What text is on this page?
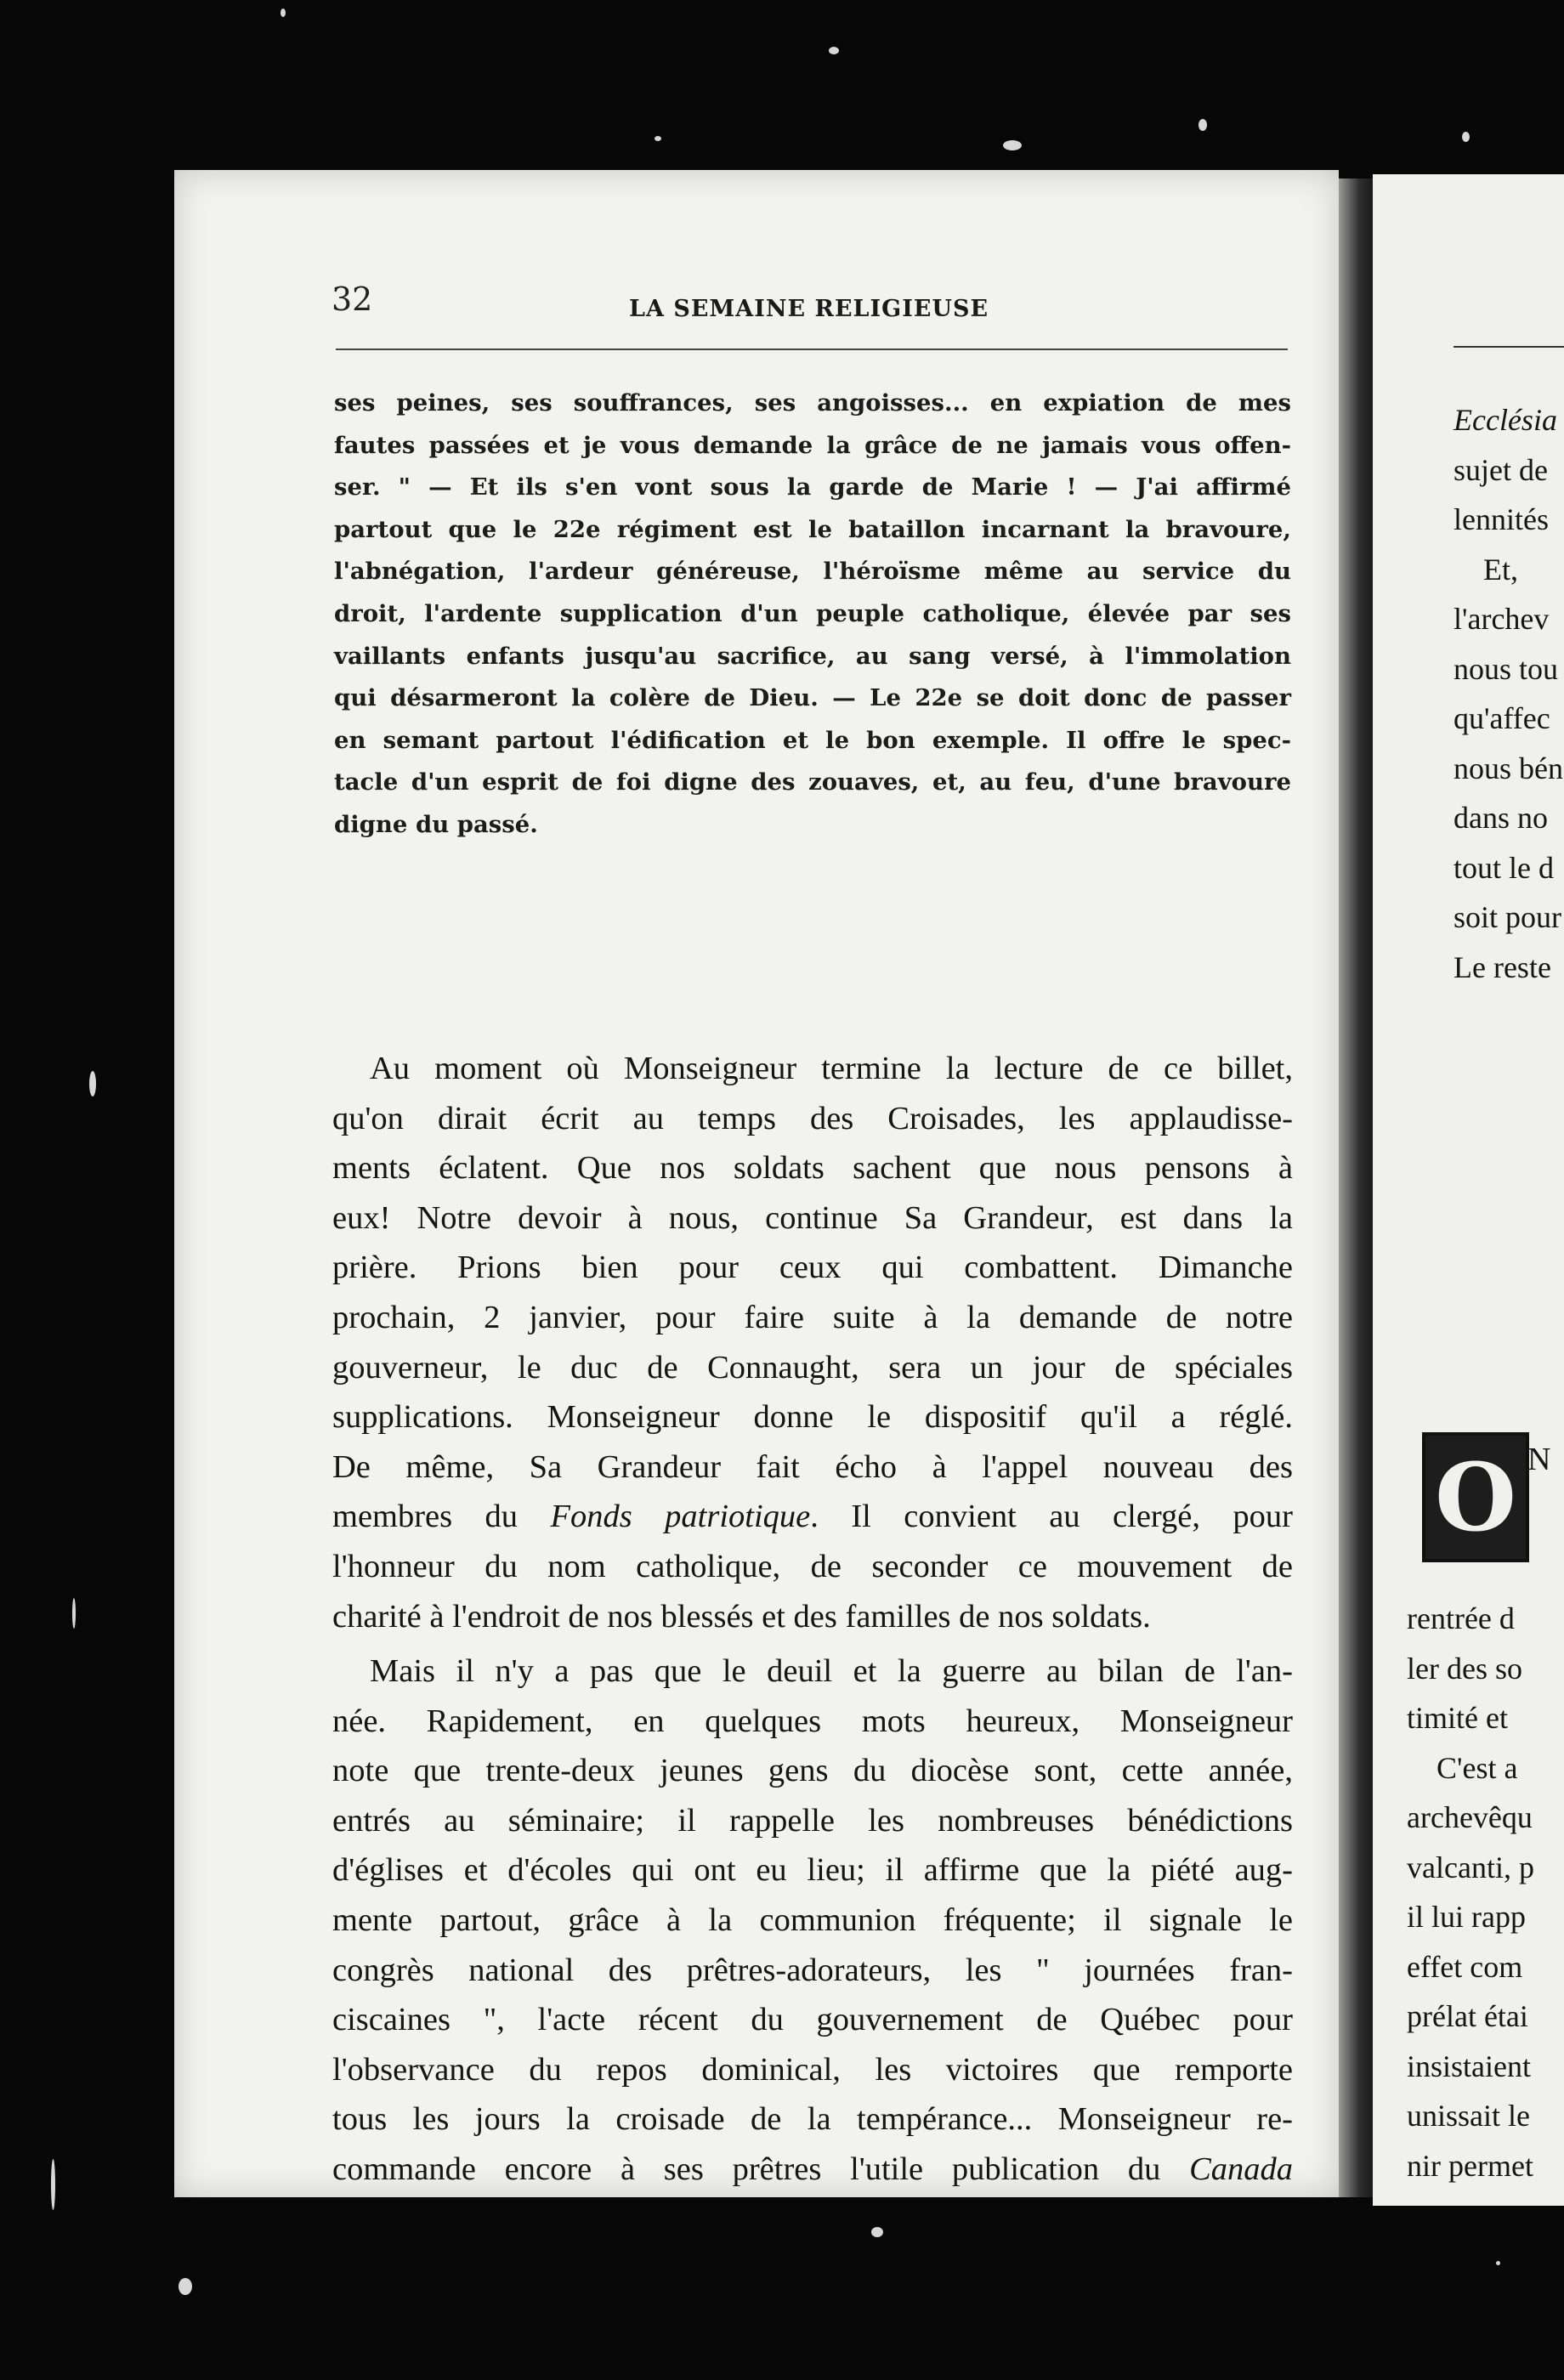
32	LA SEMAINE RELIGIEUSE
ses peines, ses souffrances, ses angoisses... en expiation de mes
fautes passées et je vous demande la grâce de ne jamais vous offen-
ser. " — Et ils s'en vont sous la garde de Marie ! — J'ai affirmé
partout que le 22e régiment est le bataillon incarnant la bravoure,
l'abnégation, l'ardeur généreuse, l'héroïsme même au service du
droit, l'ardente supplication d'un peuple catholique, élevée par ses
vaillants enfants jusqu'au sacrifice, au sang versé, à l'immolation
qui désarmeront la colère de Dieu. — Le 22e se doit donc de passer
en semant partout l'édification et le bon exemple. Il offre le spec-
tacle d'un esprit de foi digne des zouaves, et, au feu, d'une bravoure
digne du passé.
Au moment où Monseigneur termine la lecture de ce billet,
qu'on dirait écrit au temps des Croisades, les applaudisse-
ments éclatent. Que nos soldats sachent que nous pensons à
eux! Notre devoir à nous, continue Sa Grandeur, est dans la
prière. Prions bien pour ceux qui combattent. Dimanche
prochain, 2 janvier, pour faire suite à la demande de notre
gouverneur, le duc de Connaught, sera un jour de spéciales
supplications. Monseigneur donne le dispositif qu'il a réglé.
De même, Sa Grandeur fait écho à l'appel nouveau des
membres du Fonds patriotique. Il convient au clergé, pour
l'honneur du nom catholique, de seconder ce mouvement de
charité à l'endroit de nos blessés et des familles de nos soldats.
Mais il n'y a pas que le deuil et la guerre au bilan de l'an-
née. Rapidement, en quelques mots heureux, Monseigneur
note que trente-deux jeunes gens du diocèse sont, cette année,
entrés au séminaire; il rappelle les nombreuses bénédictions
d'églises et d'écoles qui ont eu lieu; il affirme que la piété aug-
mente partout, grâce à la communion fréquente; il signale le
congrès national des prêtres-adorateurs, les " journées fran-
ciscaines ", l'acte récent du gouvernement de Québec pour
l'observance du repos dominical, les victoires que remporte
tous les jours la croisade de la tempérance... Monseigneur re-
commande encore à ses prêtres l'utile publication du Canada
Ecclésia
sujet de
lennités
Et,
l'archev
nous tou
qu'affec
nous bén
dans no
tout le d
soit pour
Le reste
O N
rentrée d
ler des so
timité et
C'est a
archevêqu
valcanti, p
il lui rapp
effet com
prélat étai
insistaient
unissait le
nir permet
